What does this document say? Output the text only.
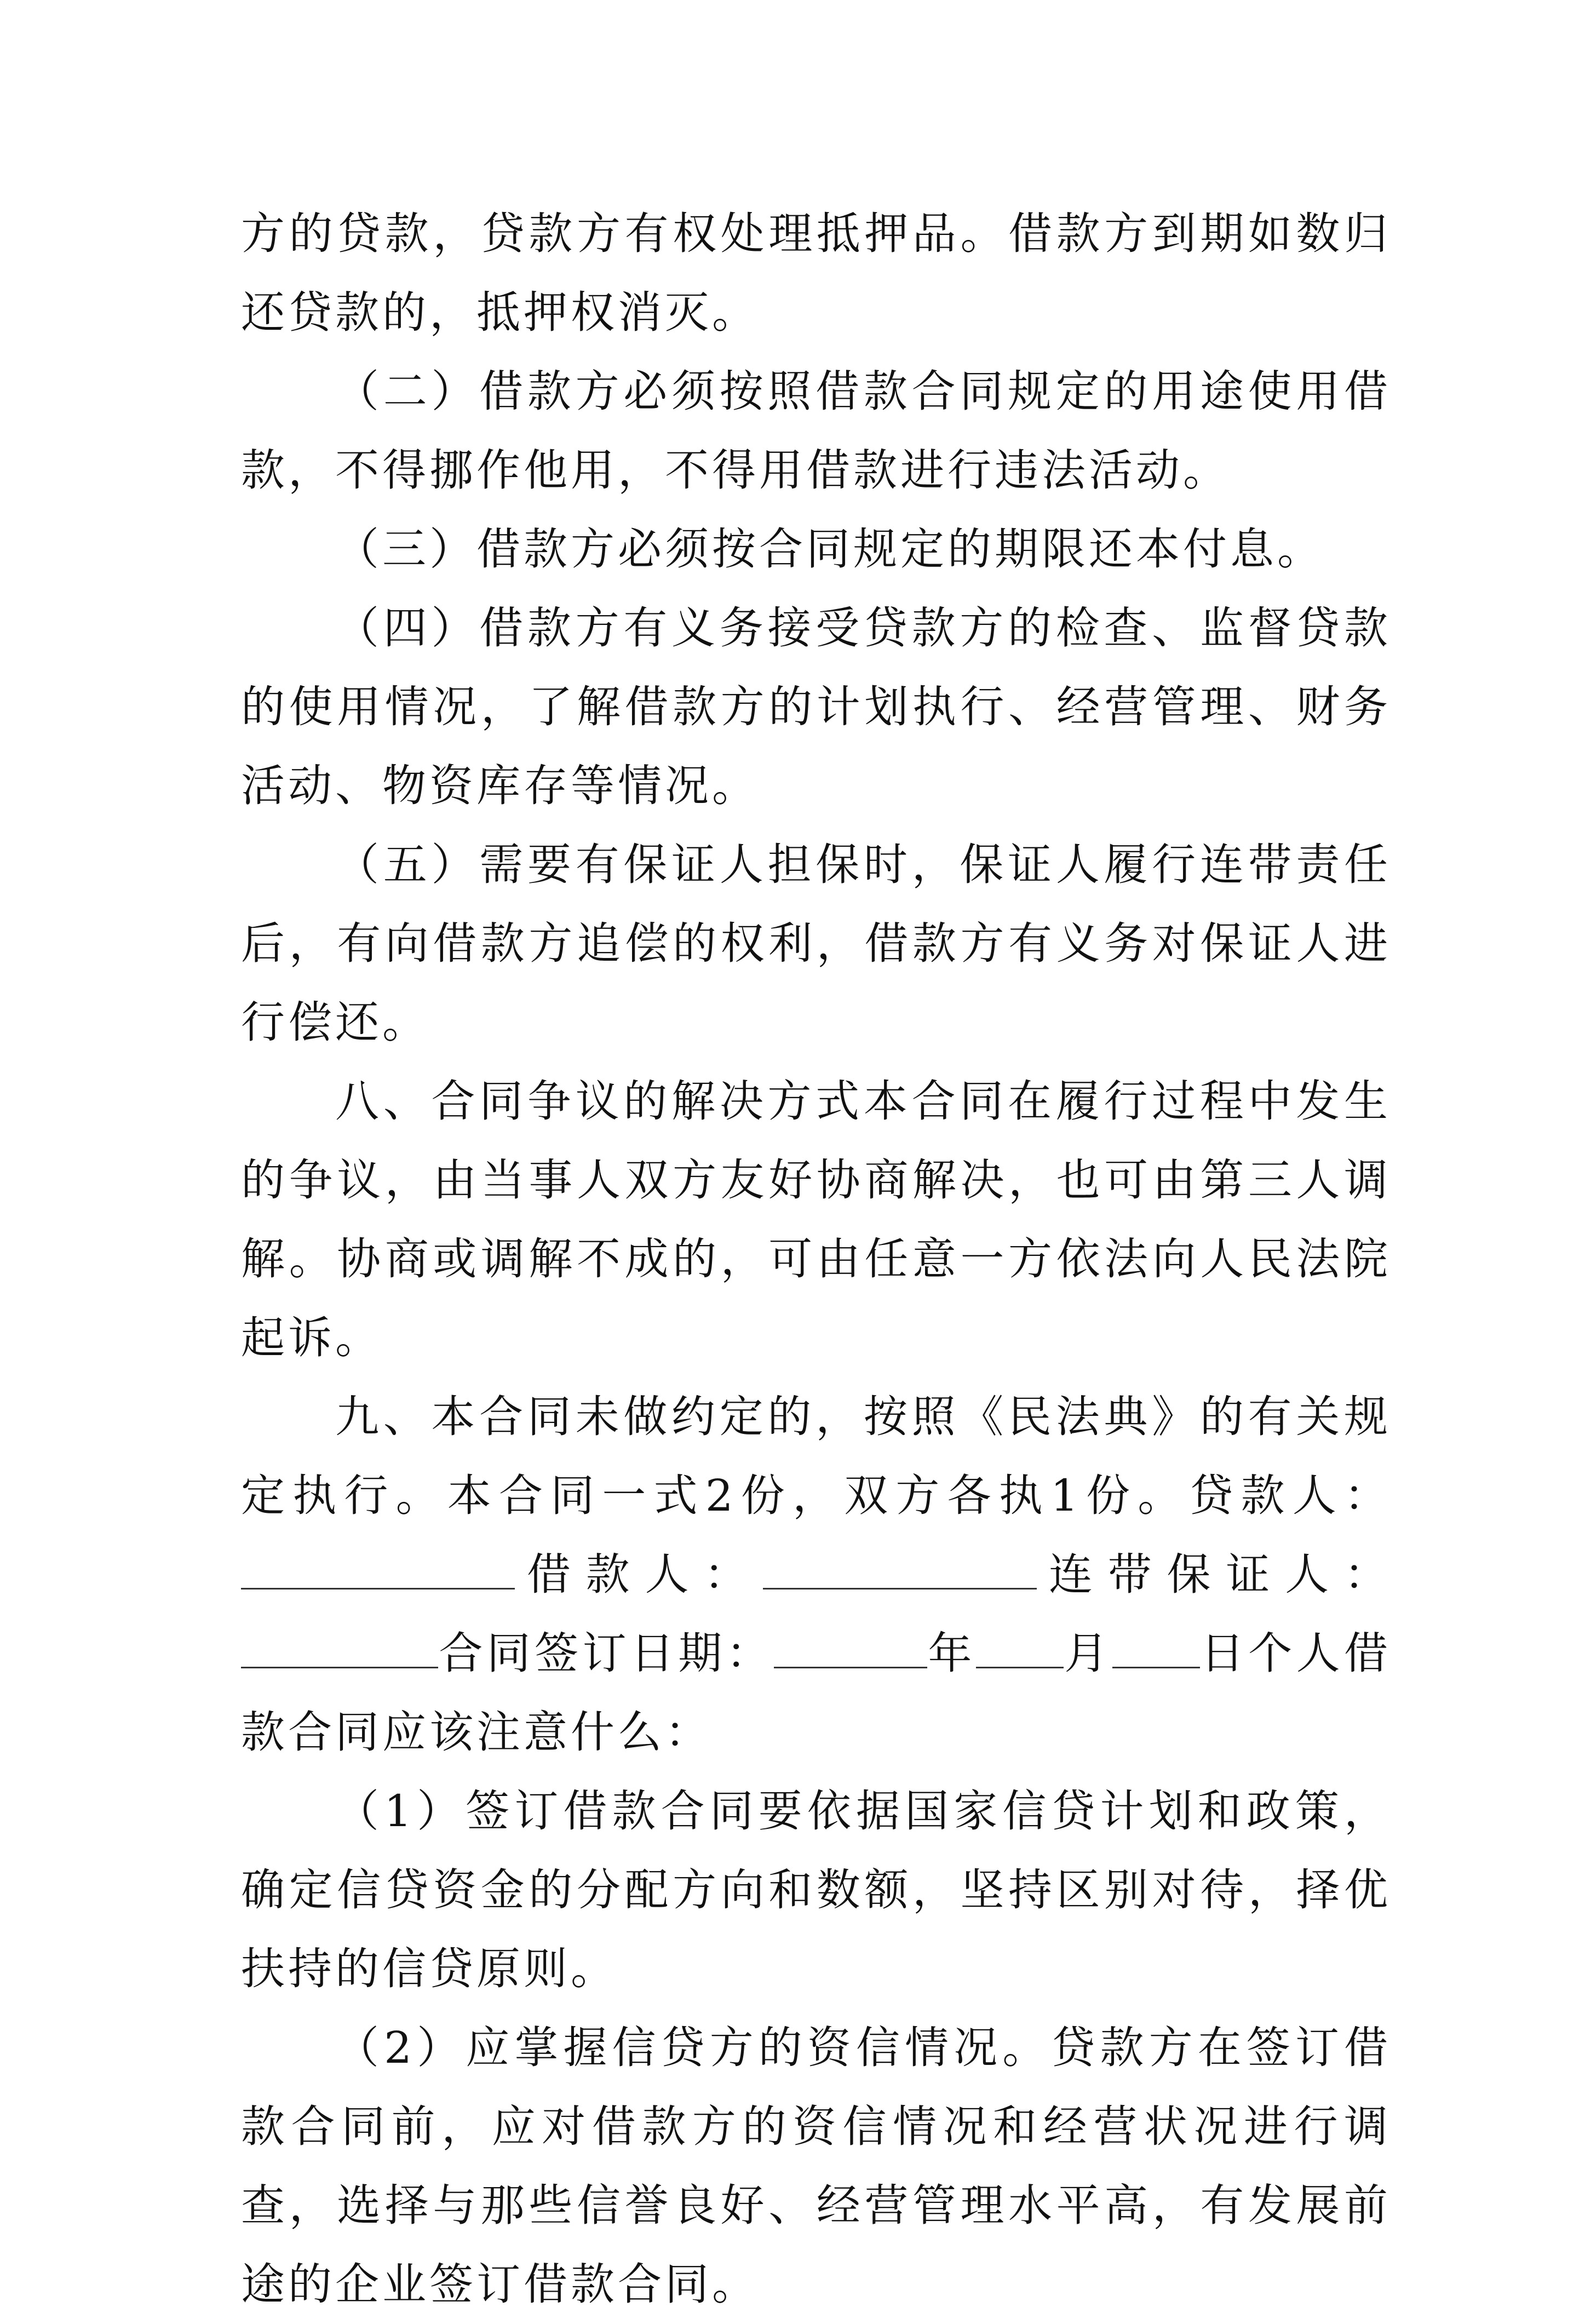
方的贷款，贷款方有权处理抵押品。借款方到期如数归还贷款的，抵押权消灭。

（二）借款方必须按照借款合同规定的用途使用借款，不得挪作他用，不得用借款进行违法活动。

（三）借款方必须按合同规定的期限还本付息。

（四）借款方有义务接受贷款方的检查、监督贷款的使用情况，了解借款方的计划执行、经营管理、财务活动、物资库存等情况。

（五）需要有保证人担保时，保证人履行连带责任后，有向借款方追偿的权利，借款方有义务对保证人进行偿还。

八、合同争议的解决方式本合同在履行过程中发生的争议，由当事人双方友好协商解决，也可由第三人调解。协商或调解不成的，可由任意一方依法向人民法院起诉。

九、本合同未做约定的，按照《民法典》的有关规定执行。本合同一式2份，双方各执1份。贷款人：借款人：	连带保证人：合同签订日期：	年 月 日个人借款合同应该注意什么：

（1）签订借款合同要依据国家信贷计划和政策，确定信贷资金的分配方向和数额，坚持区别对待，择优扶持的信贷原则。

（2）应掌握信贷方的资信情况。贷款方在签订借款合同前，应对借款方的资信情况和经营状况进行调查，选择与那些信誉良好、经营管理水平高，有发展前途的企业签订借款合同。
